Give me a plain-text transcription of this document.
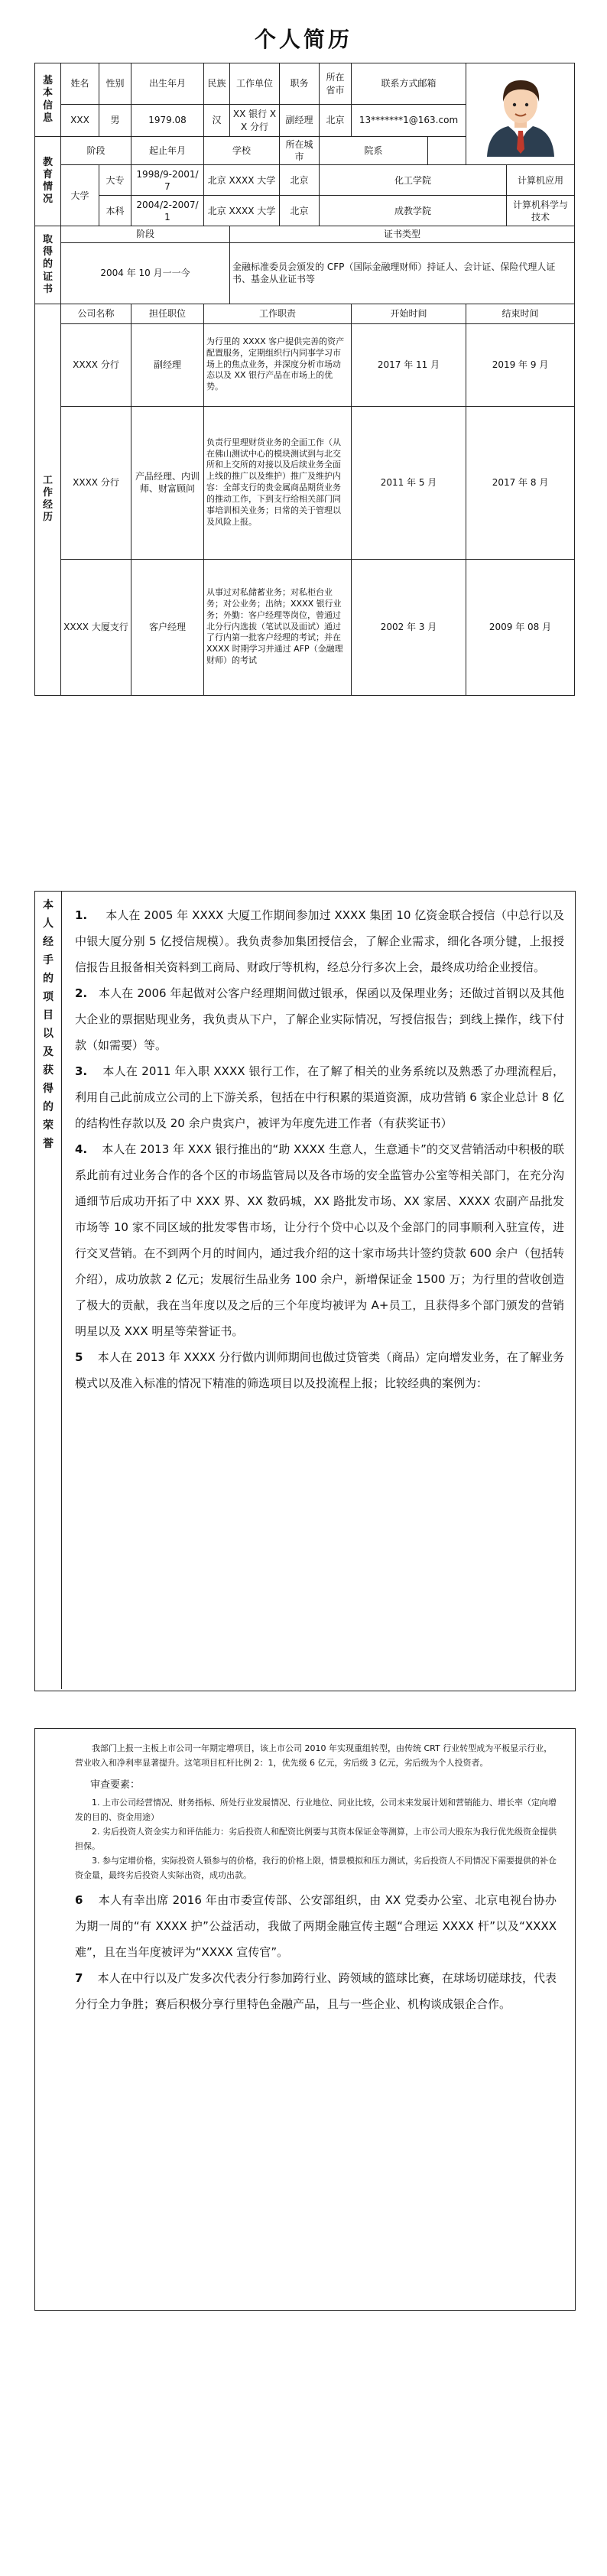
个人简历
基
本
信
息	姓名	性别	出生年月	民族	工作单位	职务	所在省市	联系方式邮箱	

	XXX	男	1979.08	汉	XX 银行 XX 分行	副经理	北京	13*******1@163.com		

教
育
情
况	阶段		起止年月	学校		所在城市	院系			
	大学	大专	1998/9-2001/7	北京 XXXX 大学		北京	化工学院			计算机应用
		本科	2004/2-2007/1	北京 XXXX 大学		北京	成教学院			计算机科学与技术

取
得
的
证
书	阶段				证书类型					
	2004 年 10 月一一今				金融标准委员会颁发的 CFP（国际金融理财师）持证人、会计证、保险代理人证书、基金从业证书等					

工
作
经
历	公司名称		担任职位	工作职责				开始时间	结束时间	
	XXXX 分行		副经理	为行里的 XXXX 客户提供完善的资产配置服务，定期组织行内同事学习市场上的焦点业务，并深度分析市场动态以及 XX 银行产品在市场上的优势。				2017 年 11 月	2019 年 9 月	
	XXXX 分行		产品经理、内训师、财富顾问	负责行里理财货业务的全面工作（从在佛山测试中心的模块测试到与北交所和上交所的对接以及后续业务全面上线的推广以及维护）推广及维护内容：全部支行的贵金属商品期货业务的推动工作，下到支行给相关部门同事培训相关业务；日常的关于管理以及风险上报。				2011 年 5 月	2017 年 8 月	
	XXXX 大厦支行		客户经理	从事过对私储蓄业务；对私柜台业务；对公业务；出纳；XXXX 银行业务；外勤：客户经理等岗位，曾通过北分行内选拔（笔试以及面试）通过了行内第一批客户经理的考试；并在 XXXX 时期学习并通过 AFP（金融理财师）的考试				2002 年 3 月	2009 年 08 月	
本
人
经
手
的
项
目
以
及
获
得
的
荣
誉

1. 本人在 2005 年 XXXX 大厦工作期间参加过 XXXX 集团 10 亿资金联合授信（中总行以及中银大厦分别 5 亿授信规模）。我负责参加集团授信会，了解企业需求，细化各项分键，上报授信报告且报备相关资料到工商局、财政厅等机构，经总分行多次上会，最终成功给企业授信。

2. 本人在 2006 年起做对公客户经理期间做过银承，保函以及保理业务；还做过首钢以及其他大企业的票据贴现业务，我负责从下户，了解企业实际情况，写授信报告；到线上操作，线下付款（如需要）等。

3. 本人在 2011 年入职 XXXX 银行工作，在了解了相关的业务系统以及熟悉了办理流程后，利用自己此前成立公司的上下游关系，包括在中行积累的渠道资源，成功营销 6 家企业总计 8 亿的结构性存款以及 20 余户贵宾户，被评为年度先进工作者（有获奖证书）

4. 本人在 2013 年 XXX 银行推出的“助 XXXX 生意人，生意通卡”的交叉营销活动中积极的联系此前有过业务合作的各个区的市场监管局以及各市场的安全监管办公室等相关部门，在充分沟通细节后成功开拓了中 XXX 界、XX 数码城，XX 路批发市场、XX 家居、XXXX 农副产品批发市场等 10 家不同区域的批发零售市场，让分行个贷中心以及个金部门的同事顺利入驻宣传，进行交叉营销。在不到两个月的时间内，通过我介绍的这十家市场共计签约贷款 600 余户（包括转介绍），成功放款 2 亿元；发展衍生品业务 100 余户，新增保证金 1500 万；为行里的营收创造了极大的贡献，我在当年度以及之后的三个年度均被评为 A+员工，且获得多个部门颁发的营销明星以及 XXX 明星等荣誉证书。

5 本人在 2013 年 XXXX 分行做内训师期间也做过贷管类（商品）定向增发业务，在了解业务模式以及准入标准的情况下精准的筛选项目以及投流程上报；比较经典的案例为：

我部门上报一主板上市公司一年期定增项目，该上市公司 2010 年实现重组转型，由传统 CRT 行业转型成为平板显示行业，营业收入和净利率显著提升。这笔项目杠杆比例 2：1，优先级 6 亿元，劣后级 3 亿元，劣后级为个人投资者。

审查要素：

1. 上市公司经营情况、财务指标、所处行业发展情况、行业地位、同业比较，公司未来发展计划和营销能力、增长率（定向增发的目的、资金用途）

2. 劣后投资人资金实力和评估能力：劣后投资人和配资比例要与其资本保证金等测算，上市公司大股东为我行优先级资金提供担保。

3. 参与定增价格，实际投资人锁参与的价格，我行的价格上限，情景模拟和压力测试，劣后投资人不同情况下需要提供的补仓资金量，最终劣后投资人实际出资，成功出款。

6 本人有幸出席 2016 年由市委宣传部、公安部组织，由 XX 党委办公室、北京电视台协办为期一周的“有 XXXX 护”公益活动，我做了两期金融宣传主题“合理运 XXXX 杆”以及“XXXX 难”，且在当年度被评为“XXXX 宣传官”。

7 本人在中行以及广发多次代表分行参加跨行业、跨领域的篮球比赛，在球场切磋球技，代表分行全力争胜；赛后积极分享行里特色金融产品，且与一些企业、机构谈成银企合作。
